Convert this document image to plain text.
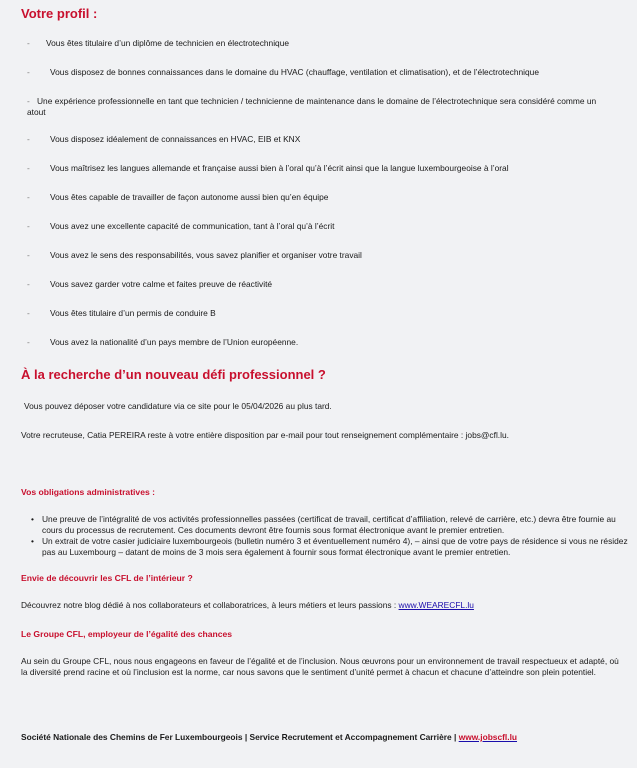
Votre profil :
-	Vous êtes titulaire d’un diplôme de technicien en électrotechnique
-	Vous disposez de bonnes connaissances dans le domaine du HVAC (chauffage, ventilation et climatisation), et de l’électrotechnique
- Une expérience professionnelle en tant que technicien / technicienne de maintenance dans le domaine de l’électrotechnique sera considéré comme un atout
-	Vous disposez idéalement de connaissances en HVAC, EIB et KNX
-	Vous maîtrisez les langues allemande et française aussi bien à l’oral qu’à l’écrit ainsi que la langue luxembourgeoise à l’oral
-	Vous êtes capable de travailler de façon autonome aussi bien qu’en équipe
-	Vous avez une excellente capacité de communication, tant à l’oral qu’à l’écrit
-	Vous avez le sens des responsabilités, vous savez planifier et organiser votre travail
-	Vous savez garder votre calme et faites preuve de réactivité
-	Vous êtes titulaire d’un permis de conduire B
-	Vous avez la nationalité d’un pays membre de l’Union européenne.
À la recherche d’un nouveau défi professionnel ?

Vous pouvez déposer votre candidature via ce site pour le 05/04/2026 au plus tard.

Votre recruteuse, Catia PEREIRA reste à votre entière disposition par e-mail pour tout renseignement complémentaire : jobs@cfl.lu.

Vos obligations administratives :
• Une preuve de l’intégralité de vos activités professionnelles passées (certificat de travail, certificat d’affiliation, relevé de carrière, etc.) devra être fournie au cours du processus de recrutement. Ces documents devront être fournis sous format électronique avant le premier entretien.
• Un extrait de votre casier judiciaire luxembourgeois (bulletin numéro 3 et éventuellement numéro 4), – ainsi que de votre pays de résidence si vous ne résidez pas au Luxembourg – datant de moins de 3 mois sera également à fournir sous format électronique avant le premier entretien.
Envie de découvrir les CFL de l’intérieur ?

Découvrez notre blog dédié à nos collaborateurs et collaboratrices, à leurs métiers et leurs passions : www.WEARECFL.lu

Le Groupe CFL, employeur de l’égalité des chances

Au sein du Groupe CFL, nous nous engageons en faveur de l’égalité et de l’inclusion. Nous œuvrons pour un environnement de travail respectueux et adapté, où la diversité prend racine et où l’inclusion est la norme, car nous savons que le sentiment d’unité permet à chacun et chacune d’atteindre son plein potentiel.

Société Nationale des Chemins de Fer Luxembourgeois | Service Recrutement et Accompagnement Carrière | www.jobscfl.lu
